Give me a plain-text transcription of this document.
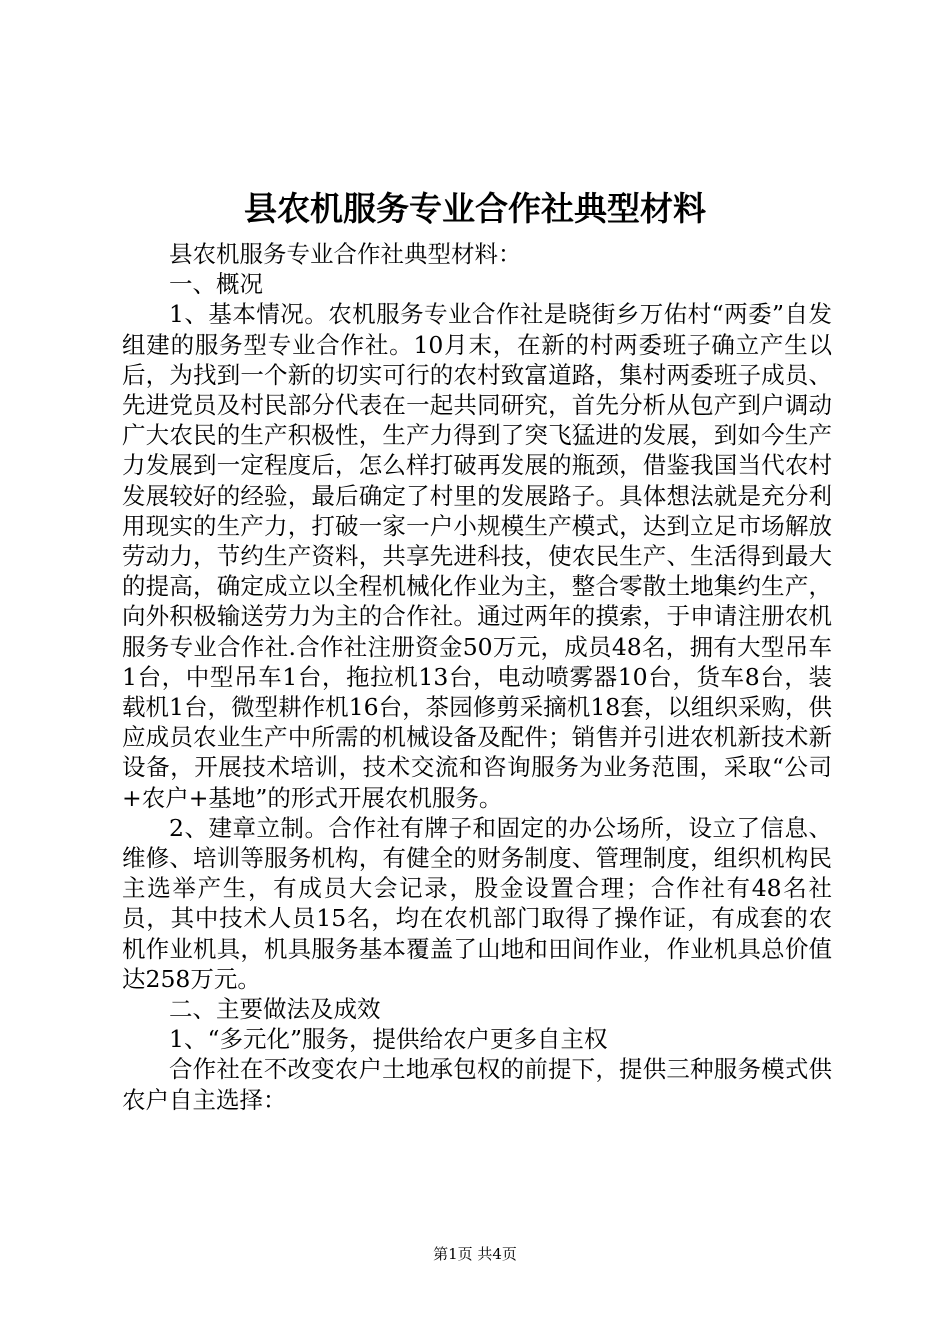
县农机服务专业合作社典型材料

县农机服务专业合作社典型材料：

一、概况

1、基本情况。农机服务专业合作社是晓街乡万佑村“两委”自发组建的服务型专业合作社。10月末，在新的村两委班子确立产生以后，为找到一个新的切实可行的农村致富道路，集村两委班子成员、先进党员及村民部分代表在一起共同研究，首先分析从包产到户调动广大农民的生产积极性，生产力得到了突飞猛进的发展，到如今生产力发展到一定程度后，怎么样打破再发展的瓶颈，借鉴我国当代农村发展较好的经验，最后确定了村里的发展路子。具体想法就是充分利用现实的生产力，打破一家一户小规模生产模式，达到立足市场解放劳动力，节约生产资料，共享先进科技，使农民生产、生活得到最大的提高，确定成立以全程机械化作业为主，整合零散土地集约生产，向外积极输送劳力为主的合作社。通过两年的摸索，于申请注册农机服务专业合作社.合作社注册资金50万元，成员48名，拥有大型吊车1台，中型吊车1台，拖拉机13台，电动喷雾器10台，货车8台，装载机1台，微型耕作机16台，茶园修剪采摘机18套，以组织采购，供应成员农业生产中所需的机械设备及配件；销售并引进农机新技术新设备，开展技术培训，技术交流和咨询服务为业务范围，采取“公司+农户+基地”的形式开展农机服务。

2、建章立制。合作社有牌子和固定的办公场所，设立了信息、维修、培训等服务机构，有健全的财务制度、管理制度，组织机构民主选举产生，有成员大会记录，股金设置合理；合作社有48名社员，其中技术人员15名，均在农机部门取得了操作证，有成套的农机作业机具，机具服务基本覆盖了山地和田间作业，作业机具总价值达258万元。

二、主要做法及成效

1、“多元化”服务，提供给农户更多自主权

合作社在不改变农户土地承包权的前提下，提供三种服务模式供农户自主选择：

第1页 共4页
